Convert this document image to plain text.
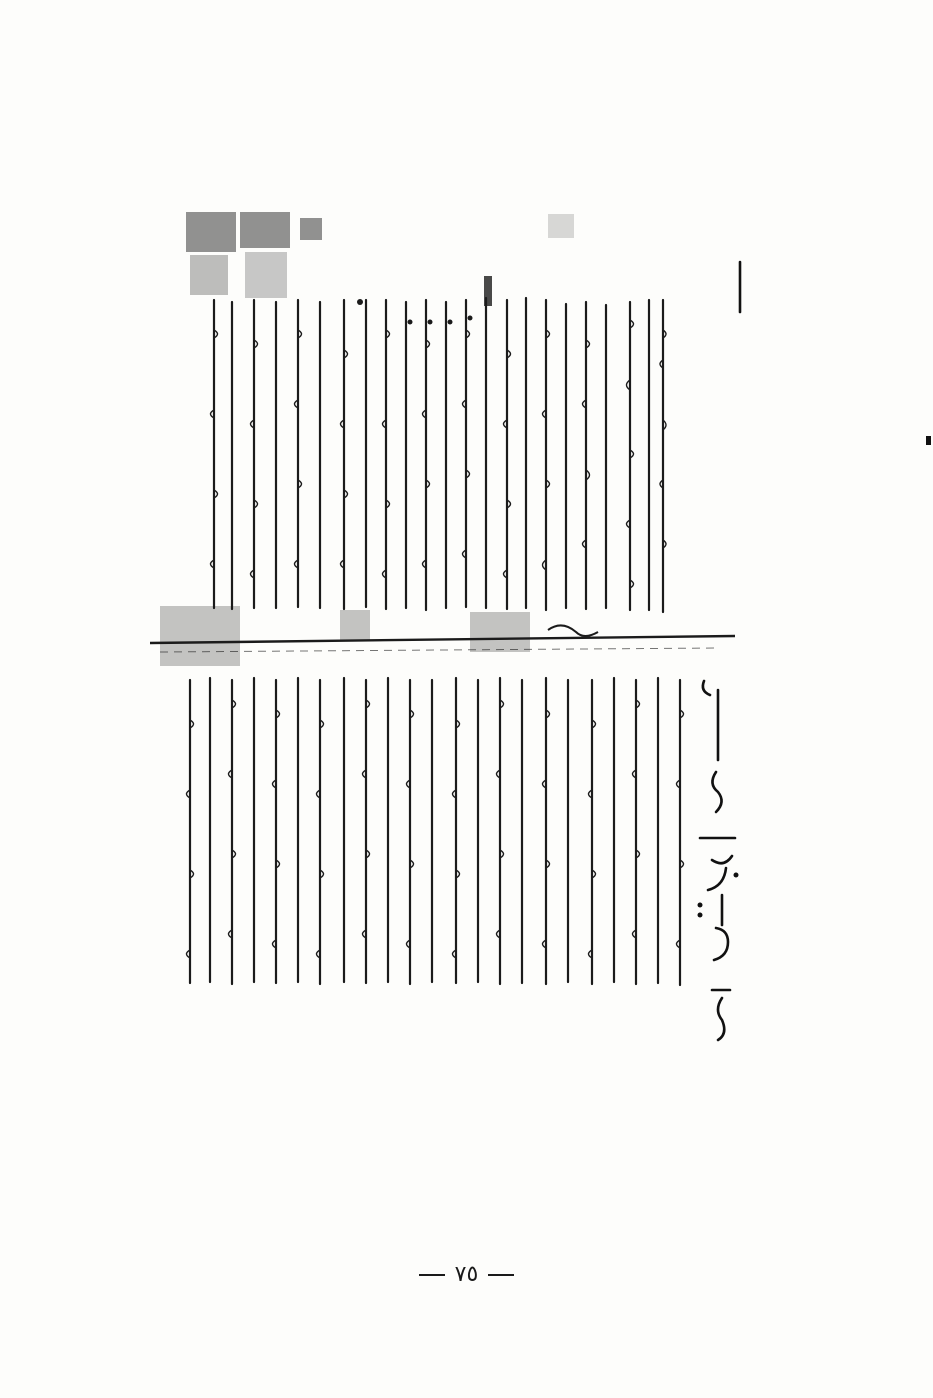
٧٥
